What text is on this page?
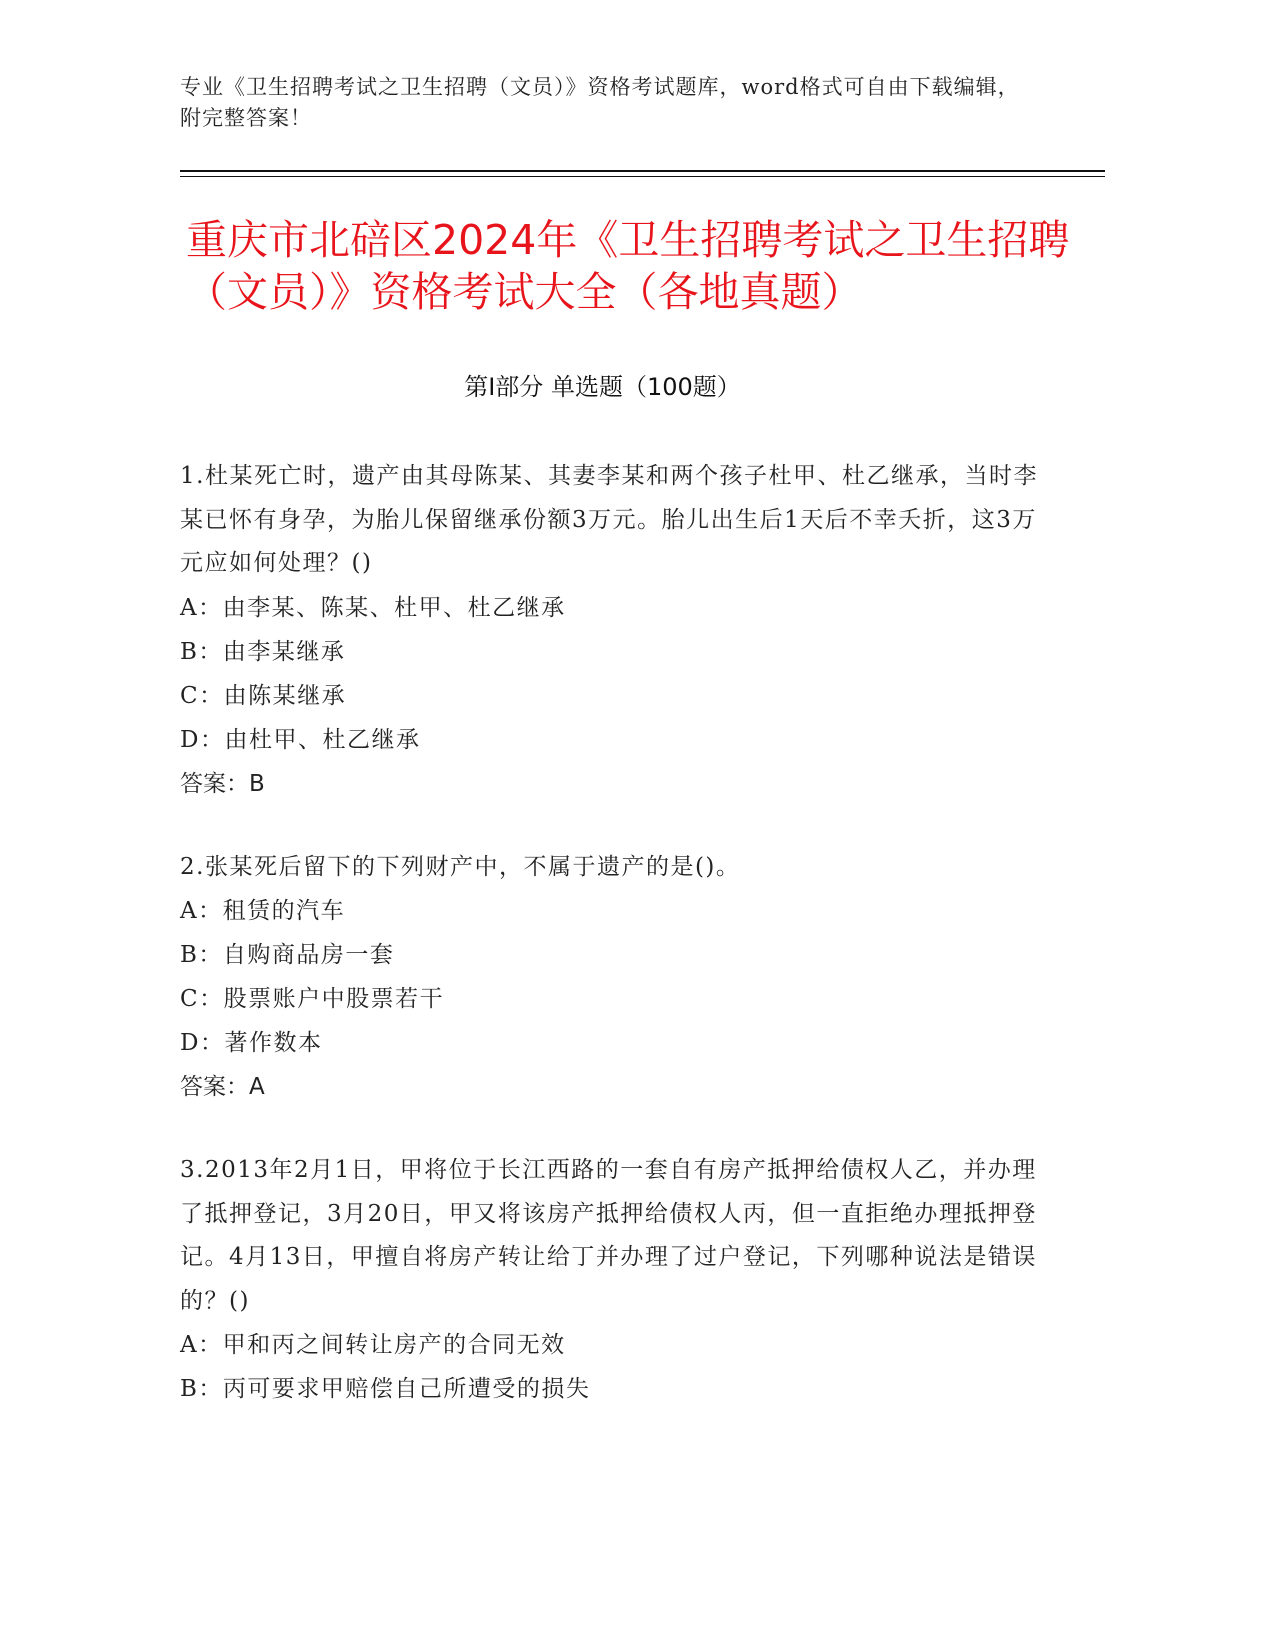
专业《卫生招聘考试之卫生招聘（文员）》资格考试题库，word格式可自由下载编辑，附完整答案！
重庆市北碚区2024年《卫生招聘考试之卫生招聘（文员）》资格考试大全（各地真题）
第I部分 单选题（100题）

1.杜某死亡时，遗产由其母陈某、其妻李某和两个孩子杜甲、杜乙继承，当时李某已怀有身孕，为胎儿保留继承份额3万元。胎儿出生后1天后不幸夭折，这3万元应如何处理？()

A：由李某、陈某、杜甲、杜乙继承

B：由李某继承

C：由陈某继承

D：由杜甲、杜乙继承

答案：B

2.张某死后留下的下列财产中，不属于遗产的是()。

A：租赁的汽车

B：自购商品房一套

C：股票账户中股票若干

D：著作数本

答案：A

3.2013年2月1日，甲将位于长江西路的一套自有房产抵押给债权人乙，并办理了抵押登记，3月20日，甲又将该房产抵押给债权人丙，但一直拒绝办理抵押登记。4月13日，甲擅自将房产转让给丁并办理了过户登记，下列哪种说法是错误的？()

A：甲和丙之间转让房产的合同无效

B：丙可要求甲赔偿自己所遭受的损失
